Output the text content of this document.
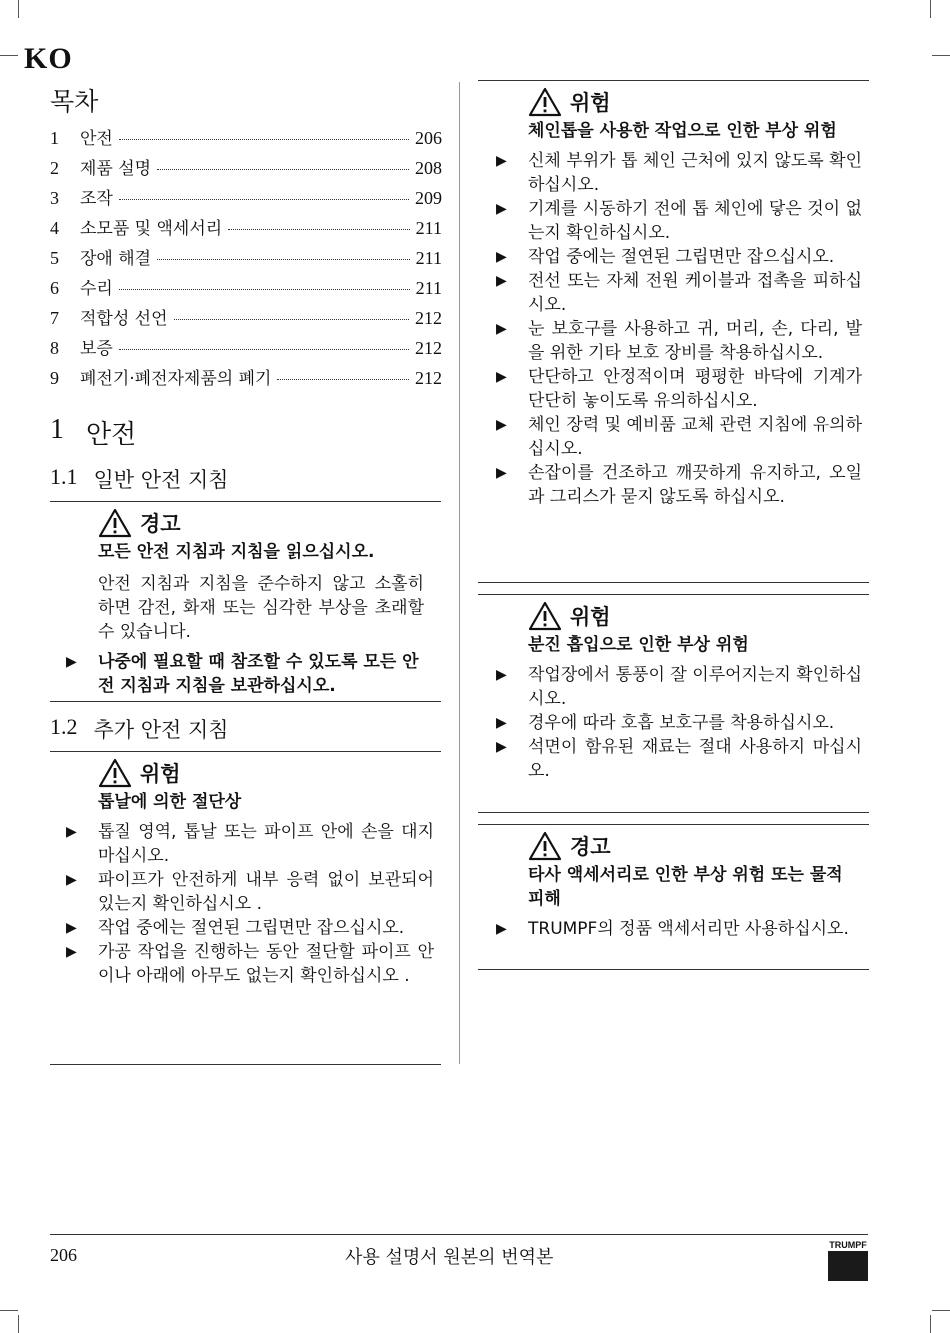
KO
목차
1	안전	206
2	제품 설명	208
3	조작	209
4	소모품 및 액세서리	211
5	장애 해결	211
6	수리	211
7	적합성 선언	212
8	보증	212
9	폐전기·폐전자제품의 폐기	212
1 안전
1.1 일반 안전 지침
경고
모든 안전 지침과 지침을 읽으십시오.
안전 지침과 지침을 준수하지 않고 소홀히 하면 감전, 화재 또는 심각한 부상을 초래할 수 있습니다.
▶ 나중에 필요할 때 참조할 수 있도록 모든 안전 지침과 지침을 보관하십시오.
1.2 추가 안전 지침
위험
톱날에 의한 절단상
▶ 톱질 영역, 톱날 또는 파이프 안에 손을 대지 마십시오.
▶ 파이프가 안전하게 내부 응력 없이 보관되어 있는지 확인하십시오 .
▶ 작업 중에는 절연된 그립면만 잡으십시오.
▶ 가공 작업을 진행하는 동안 절단할 파이프 안이나 아래에 아무도 없는지 확인하십시오 .
위험
체인톱을 사용한 작업으로 인한 부상 위험
▶ 신체 부위가 톱 체인 근처에 있지 않도록 확인하십시오.
▶ 기계를 시동하기 전에 톱 체인에 닿은 것이 없는지 확인하십시오.
▶ 작업 중에는 절연된 그립면만 잡으십시오.
▶ 전선 또는 자체 전원 케이블과 접촉을 피하십시오.
▶ 눈 보호구를 사용하고 귀, 머리, 손, 다리, 발을 위한 기타 보호 장비를 착용하십시오.
▶ 단단하고 안정적이며 평평한 바닥에 기계가 단단히 놓이도록 유의하십시오.
▶ 체인 장력 및 예비품 교체 관련 지침에 유의하십시오.
▶ 손잡이를 건조하고 깨끗하게 유지하고, 오일과 그리스가 묻지 않도록 하십시오.
위험
분진 흡입으로 인한 부상 위험
▶ 작업장에서 통풍이 잘 이루어지는지 확인하십시오.
▶ 경우에 따라 호흡 보호구를 착용하십시오.
▶ 석면이 함유된 재료는 절대 사용하지 마십시오.
경고
타사 액세서리로 인한 부상 위험 또는 물적 피해
▶ TRUMPF의 정품 액세서리만 사용하십시오.
206	사용 설명서 원본의 번역본
TRUMPF
